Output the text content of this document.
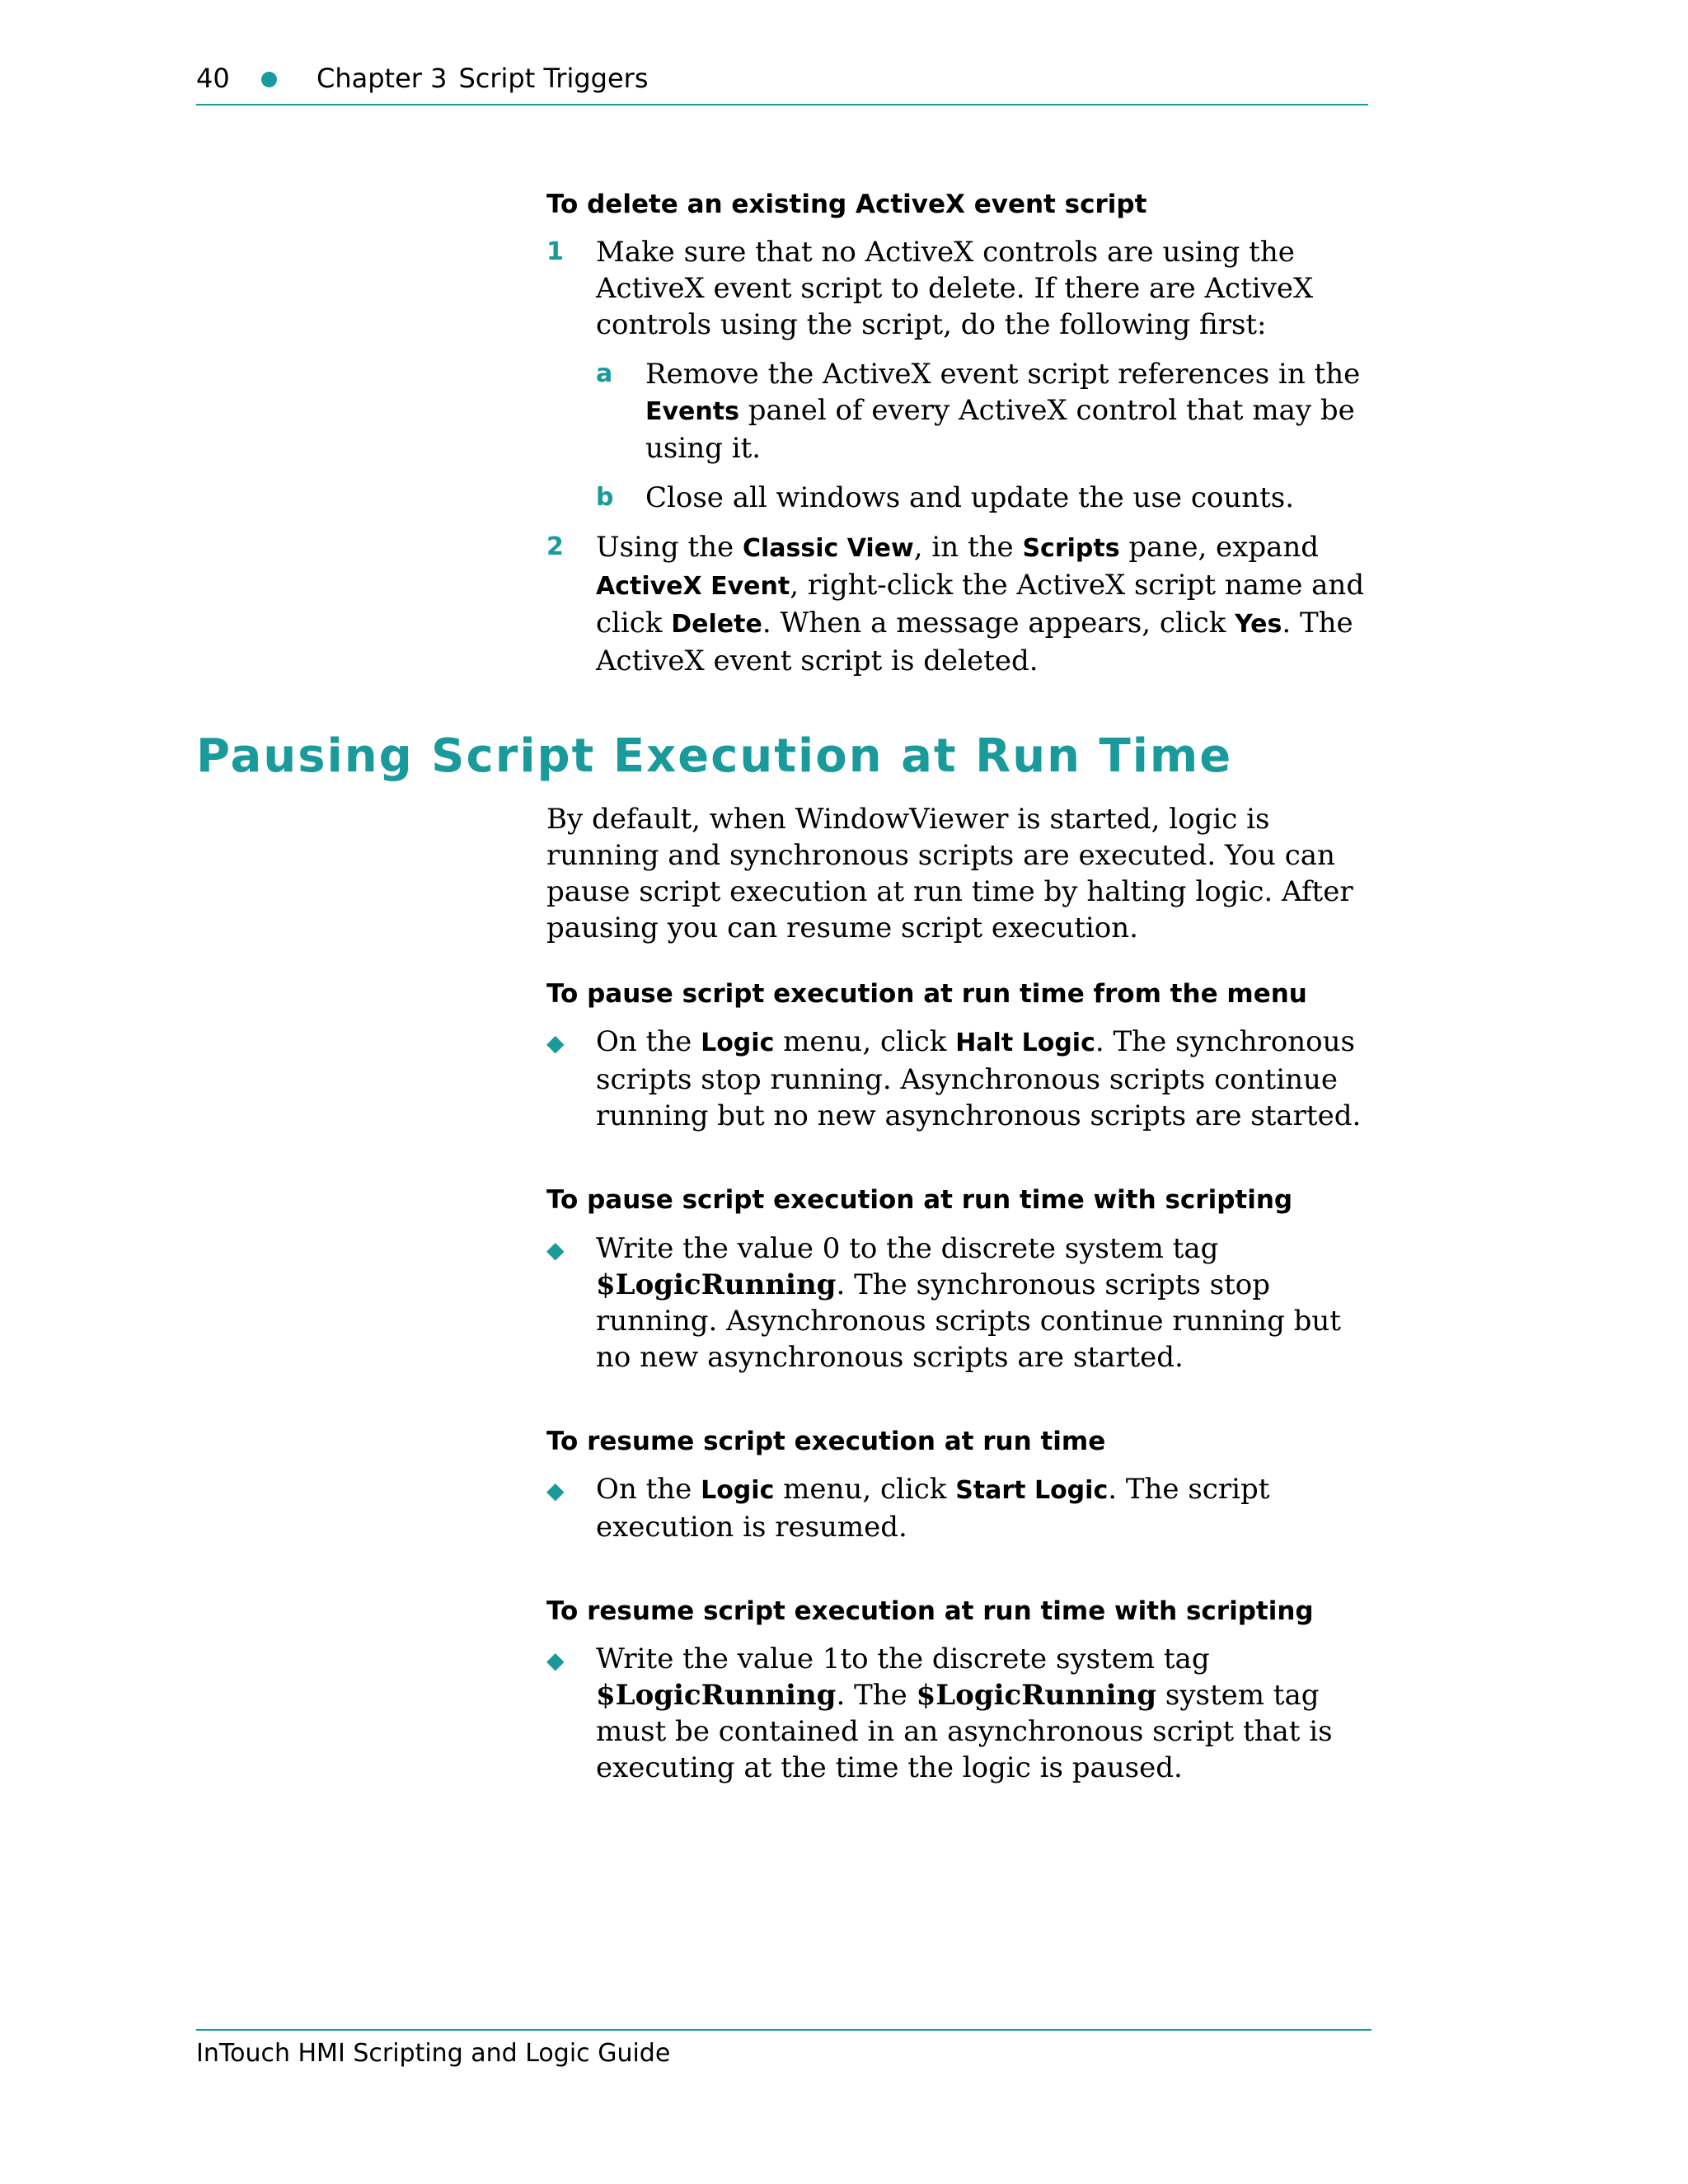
40	Chapter 3 Script Triggers

To delete an existing ActiveX event script

1 Make sure that no ActiveX controls are using the ActiveX event script to delete. If there are ActiveX controls using the script, do the following first:
a Remove the ActiveX event script references in the Events panel of every ActiveX control that may be using it.
b Close all windows and update the use counts.
2 Using the Classic View, in the Scripts pane, expand ActiveX Event, right-click the ActiveX script name and click Delete. When a message appears, click Yes. The ActiveX event script is deleted.
Pausing Script Execution at Run Time

By default, when WindowViewer is started, logic is running and synchronous scripts are executed. You can pause script execution at run time by halting logic. After pausing you can resume script execution.

To pause script execution at run time from the menu

◆ On the Logic menu, click Halt Logic. The synchronous scripts stop running. Asynchronous scripts continue running but no new asynchronous scripts are started.

To pause script execution at run time with scripting

◆ Write the value 0 to the discrete system tag $LogicRunning. The synchronous scripts stop running. Asynchronous scripts continue running but no new asynchronous scripts are started.

To resume script execution at run time

◆ On the Logic menu, click Start Logic. The script execution is resumed.

To resume script execution at run time with scripting

◆ Write the value 1to the discrete system tag $LogicRunning. The $LogicRunning system tag must be contained in an asynchronous script that is executing at the time the logic is paused.
InTouch HMI Scripting and Logic Guide
